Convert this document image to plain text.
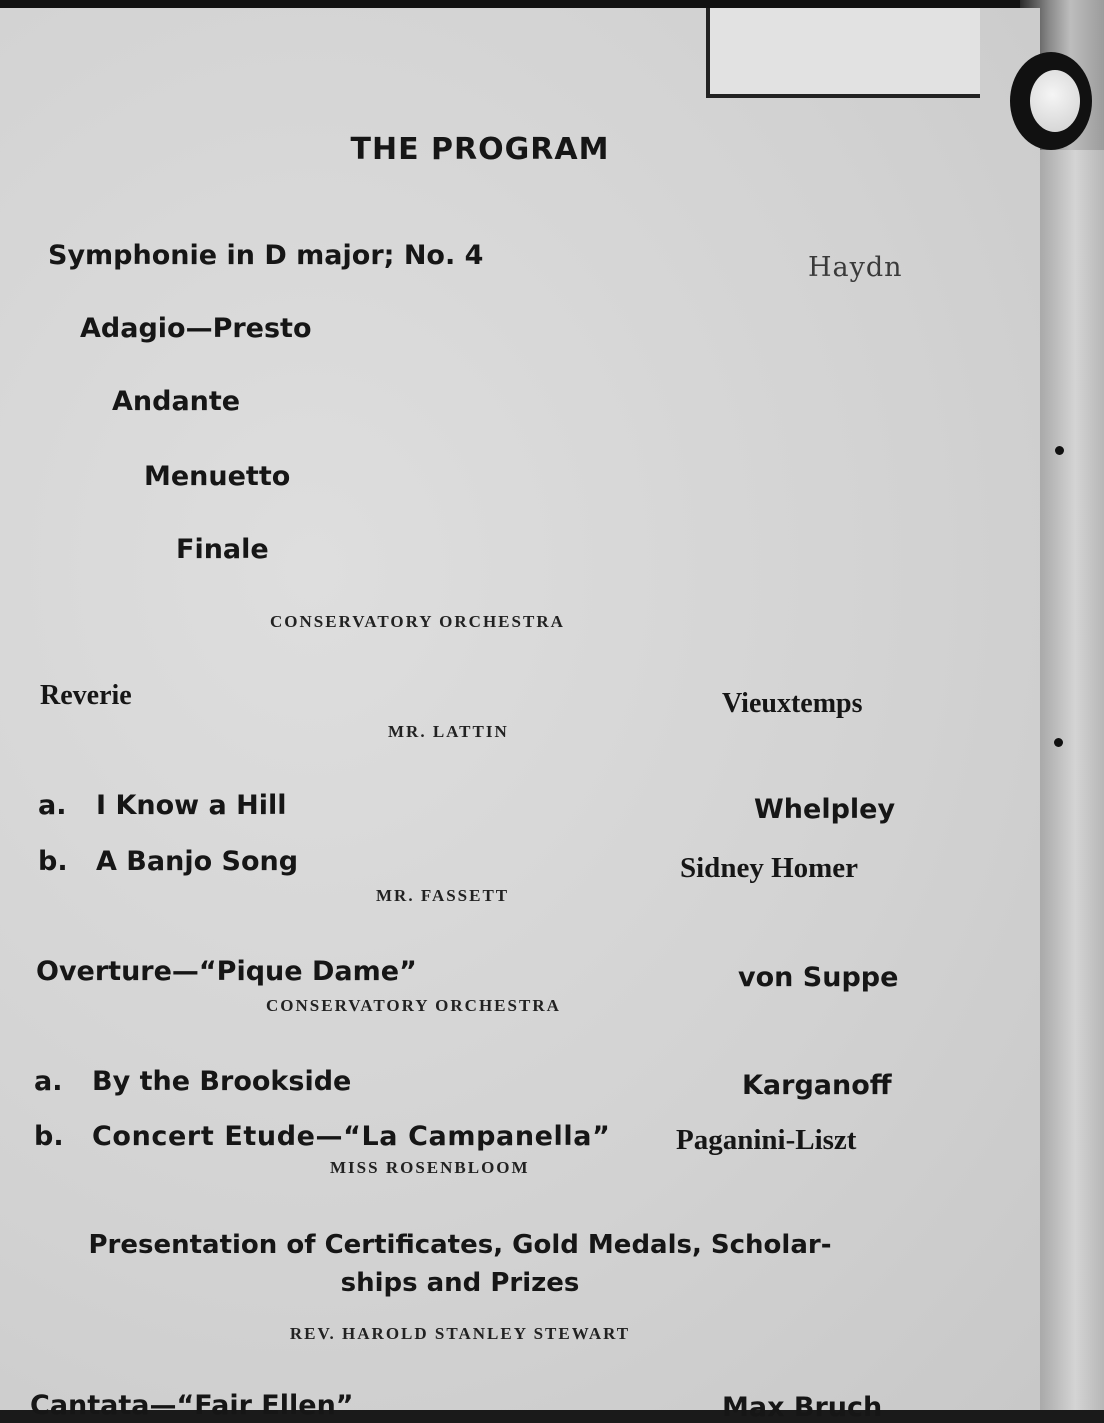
THE PROGRAM

Symphonie in D major; No. 4	Haydn

Adagio—Presto

Andante

Menuetto

Finale

CONSERVATORY ORCHESTRA

Reverie	Vieuxtemps

MR. LATTIN

a. I Know a Hill	Whelpley

b. A Banjo Song	Sidney Homer

MR. FASSETT

Overture—“Pique Dame”	von Suppe

CONSERVATORY ORCHESTRA

a. By the Brookside	Karganoff

b. Concert Etude—“La Campanella” Paganini-Liszt

MISS ROSENBLOOM

Presentation of Certificates, Gold Medals, Scholar-

ships and Prizes

REV. HAROLD STANLEY STEWART

Cantata—“Fair Ellen”	Max Bruch
